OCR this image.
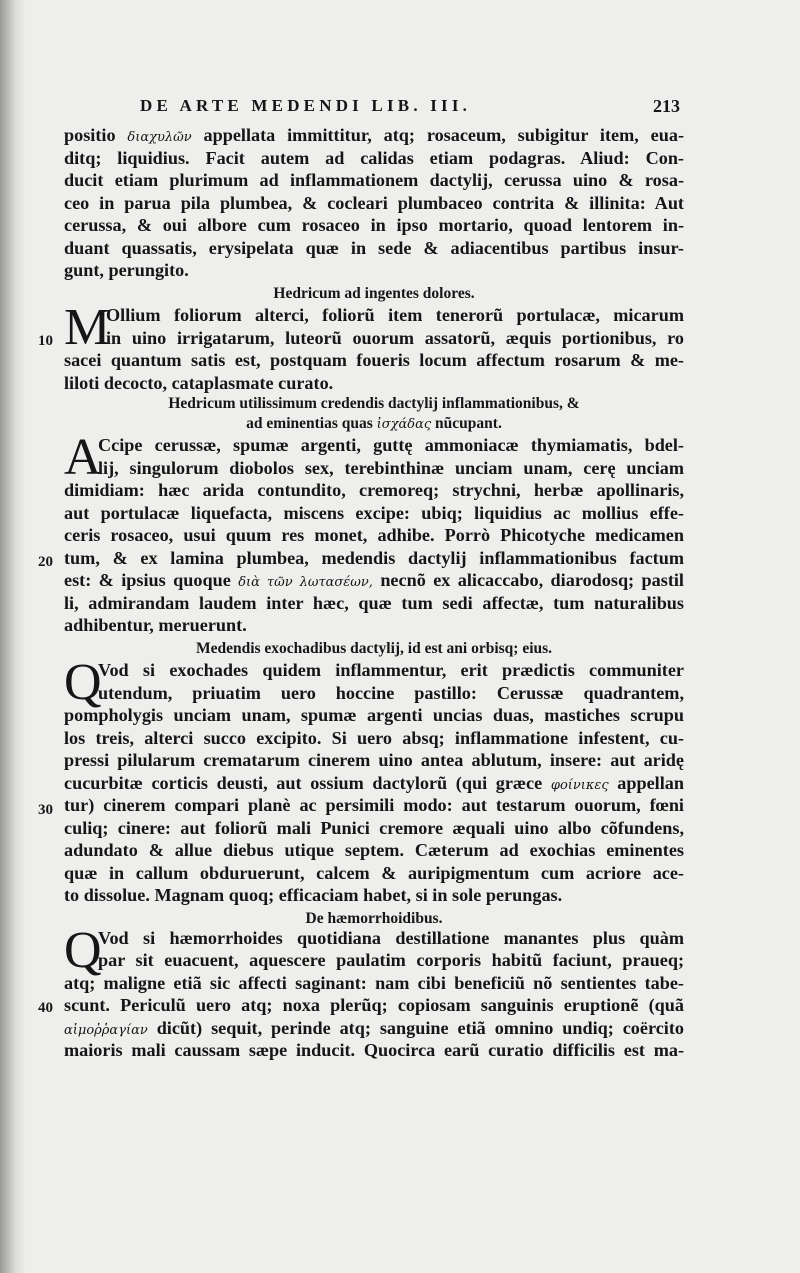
DE ARTE MEDENDI LIB. III.	213
positio διαχυλῶν appellata immittitur, atq; rosaceum, subigitur item, eua-
ditq; liquidius. Facit autem ad calidas etiam podagras. Aliud: Con-
ducit etiam plurimum ad inflammationem dactylij, cerussa uino & rosa-
ceo in parua pila plumbea, & cocleari plumbaceo contrita & illinita: Aut
cerussa, & oui albore cum rosaceo in ipso mortario, quoad lentorem in-
duant quassatis, erysipelata quæ in sede & adiacentibus partibus insur-
gunt, perungito.
Hedricum ad ingentes dolores.
M
10
Ollium foliorum alterci, foliorũ item tenerorũ portulacæ, micarum
in uino irrigatarum, luteorũ ouorum assatorũ, æquis portionibus, ro
sacei quantum satis est, postquam foueris locum affectum rosarum & me-
liloti decocto, cataplasmate curato.
Hedricum utilissimum credendis dactylij inflammationibus, &
ad eminentias quas ἰσχάδας nũcupant.
A
20
Ccipe cerussæ, spumæ argenti, guttę ammoniacæ thymiamatis, bdel-
lij, singulorum diobolos sex, terebinthinæ unciam unam, cerę unciam
dimidiam: hæc arida contundito, cremoreq; strychni, herbæ apollinaris,
aut portulacæ liquefacta, miscens excipe: ubiq; liquidius ac mollius effe-
ceris rosaceo, usui quum res monet, adhibe. Porrò Phicotyche medicamen
tum, & ex lamina plumbea, medendis dactylij inflammationibus factum
est: & ipsius quoque διὰ τῶν λωτασέων, necnõ ex alicaccabo, diarodosq; pastil
li, admirandam laudem inter hæc, quæ tum sedi affectæ, tum naturalibus
adhibentur, meruerunt.
Medendis exochadibus dactylij, id est ani orbisq; eius.
Q
30
Vod si exochades quidem inflammentur, erit prædictis communiter
utendum, priuatim uero hoccine pastillo: Cerussæ quadrantem,
pompholygis unciam unam, spumæ argenti uncias duas, mastiches scrupu
los treis, alterci succo excipito. Si uero absq; inflammatione infestent, cu-
pressi pilularum crematarum cinerem uino antea ablutum, insere: aut aridę
cucurbitæ corticis deusti, aut ossium dactylorũ (qui græce φοίνικες appellan
tur) cinerem compari planè ac persimili modo: aut testarum ouorum, fœni
culiq; cinere: aut foliorũ mali Punici cremore æquali uino albo cõfundens,
adundato & allue diebus utique septem. Cæterum ad exochias eminentes
quæ in callum obduruerunt, calcem & auripigmentum cum acriore ace-
to dissolue. Magnam quoq; efficaciam habet, si in sole perungas.
De hæmorrhoidibus.
Q
40
Vod si hæmorrhoides quotidiana destillatione manantes plus quàm
par sit euacuent, aquescere paulatim corporis habitũ faciunt, praueq;
atq; maligne etiã sic affecti saginant: nam cibi beneficiũ nõ sentientes tabe-
scunt. Periculũ uero atq; noxa plerũq; copiosam sanguinis eruptionẽ (quã
αἱμοῤῥαγίαν dicũt) sequit, perinde atq; sanguine etiã omnino undiq; coërcito
maioris mali caussam sæpe inducit. Quocirca earũ curatio difficilis est ma-
